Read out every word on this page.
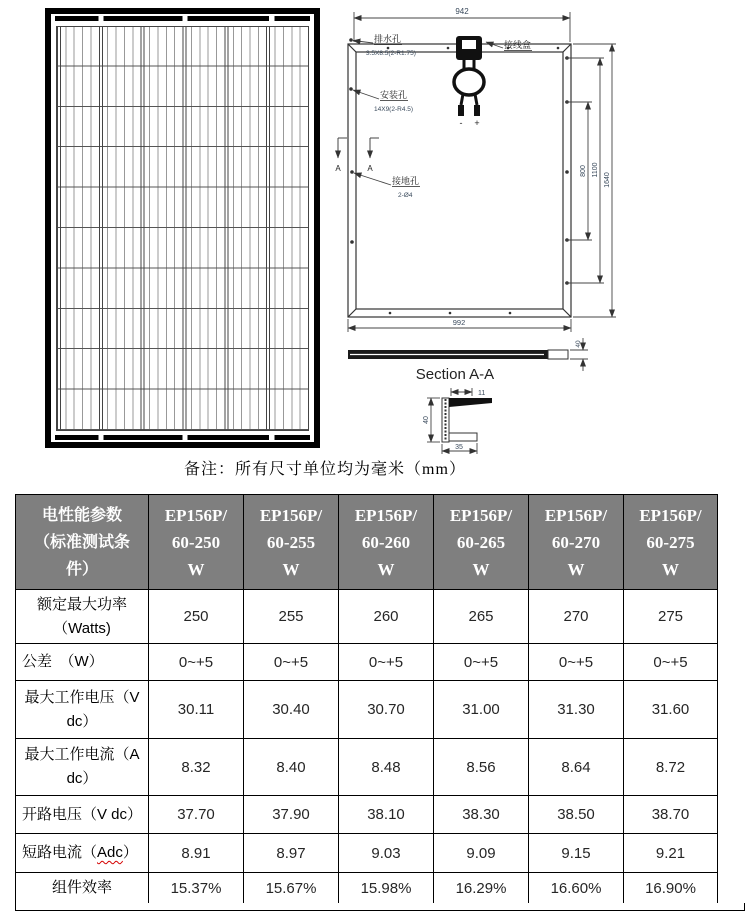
942
- +
排水孔
3.5X8.5(2-R1.75)
接线盒
安装孔
14X9(2-R4.5)
A	A
接地孔
2-Ø4
800 1100
1640
992
40
Section A-A
11
40
35
备注：所有尺寸单位均为毫米（mm）
电性能参数
（标准测试条
件）	EP156P/
60-250
W	EP156P/
60-255
W	EP156P/
60-260
W	EP156P/
60-265
W	EP156P/
60-270
W	EP156P/
60-275
W

额定最大功率（Watts)	250	255	260	265	270	275
公差　（W）	0~+5	0~+5	0~+5	0~+5	0~+5	0~+5
最大工作电压（V dc）	30.11	30.40	30.70	31.00	31.30	31.60
最大工作电流（A dc）	8.32	8.40	8.48	8.56	8.64	8.72
开路电压（V dc）	37.70	37.90	38.10	38.30	38.50	38.70
短路电流（Adc）	8.91	8.97	9.03	9.09	9.15	9.21
组件效率	15.37%	15.67%	15.98%	16.29%	16.60%	16.90%
